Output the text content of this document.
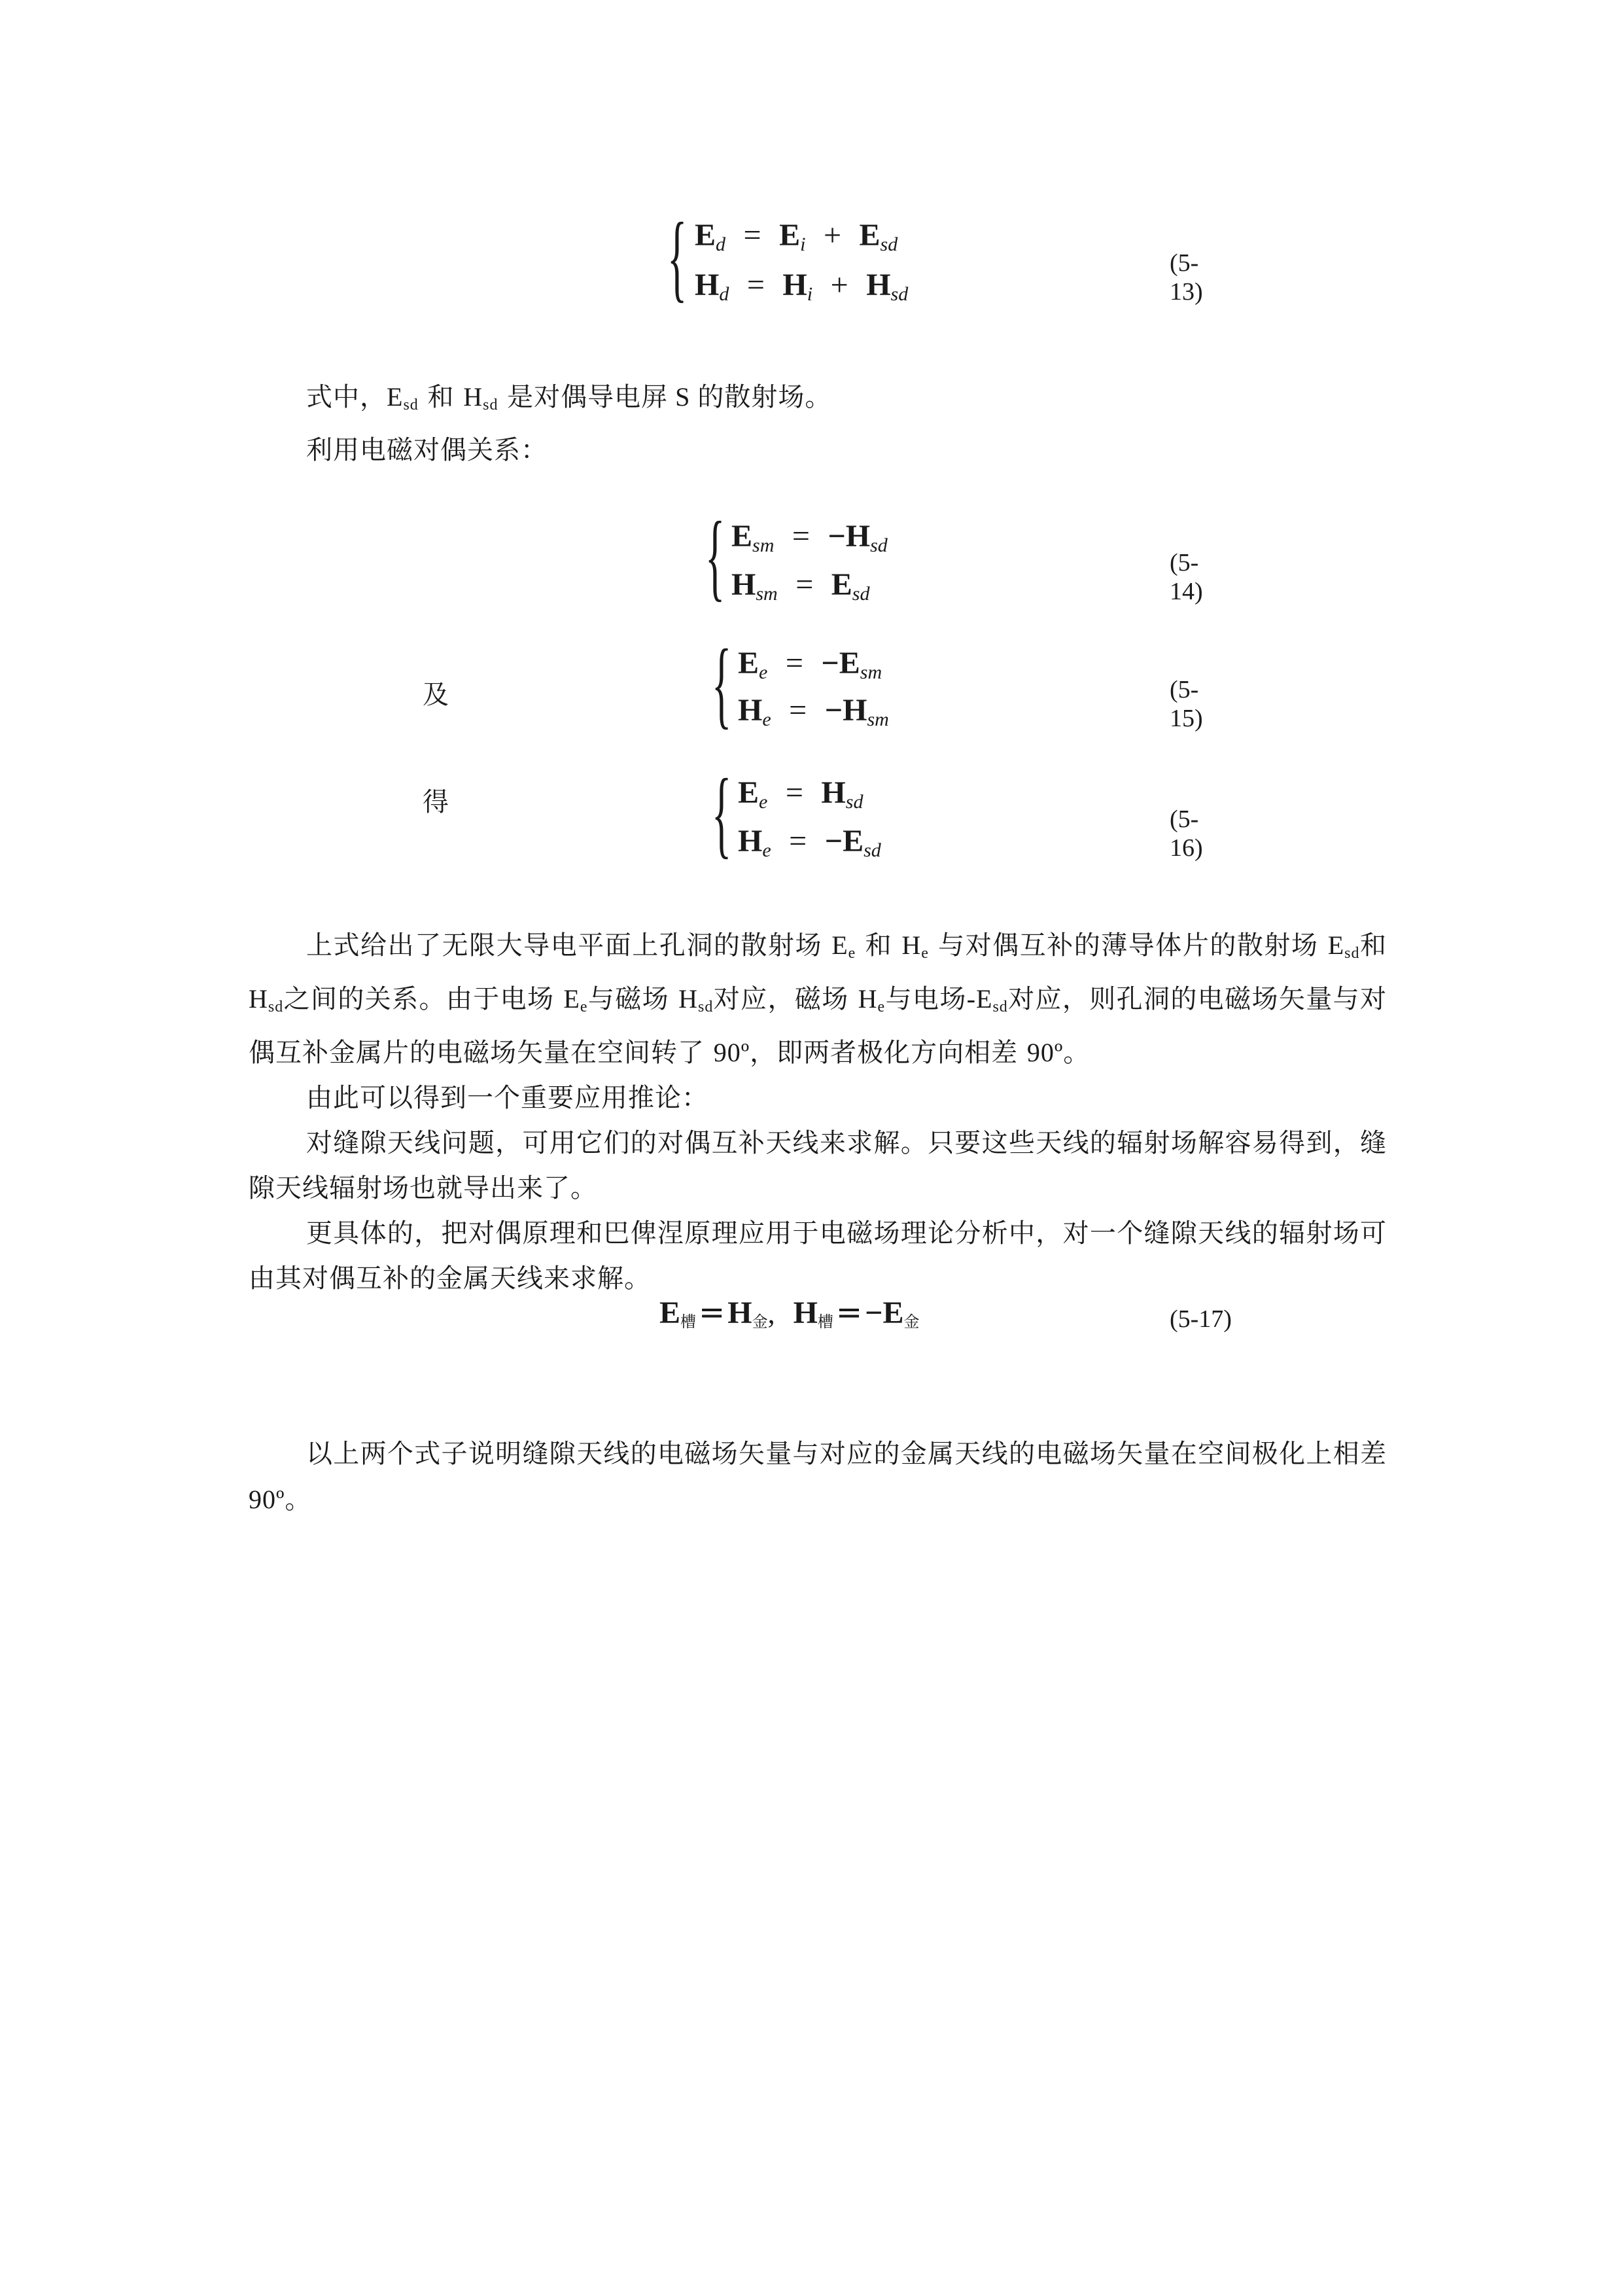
{ $E_d = E_i + E_{sd}$
$H_d = H_i + H_{sd}$
(5-13)
式中，$E_{sd}$ 和 $H_{sd}$ 是对偶导电屏 S 的散射场。
利用电磁对偶关系：
{ $E_{sm} = -H_{sd}$
$H_{sm} = E_{sd}$
(5-14)
及	{ $E_e = -E_{sm}$
$H_e = -H_{sm}$
(5-15)
得	{ $E_e = H_{sd}$
$H_e = -E_{sd}$
(5-16)
上式给出了无限大导电平面上孔洞的散射场 $E_e$ 和 $H_e$ 与对偶互补的薄导体片的散射场 $E_{sd}$和 $H_{sd}$之间的关系。由于电场 $E_e$与磁场 $H_{sd}$对应，磁场 $H_e$与电场$-E_{sd}$对应，则孔洞的电磁场矢量与对偶互补金属片的电磁场矢量在空间转了 90º，即两者极化方向相差 90º。
由此可以得到一个重要应用推论：
对缝隙天线问题，可用它们的对偶互补天线来求解。只要这些天线的辐射场解容易得到，缝隙天线辐射场也就导出来了。
更具体的，把对偶原理和巴俾涅原理应用于电磁场理论分析中，对一个缝隙天线的辐射场可由其对偶互补的金属天线来求解。
E槽=H金, H槽=−E金	(5-17)
以上两个式子说明缝隙天线的电磁场矢量与对应的金属天线的电磁场矢量在空间极化上相差 90º。
